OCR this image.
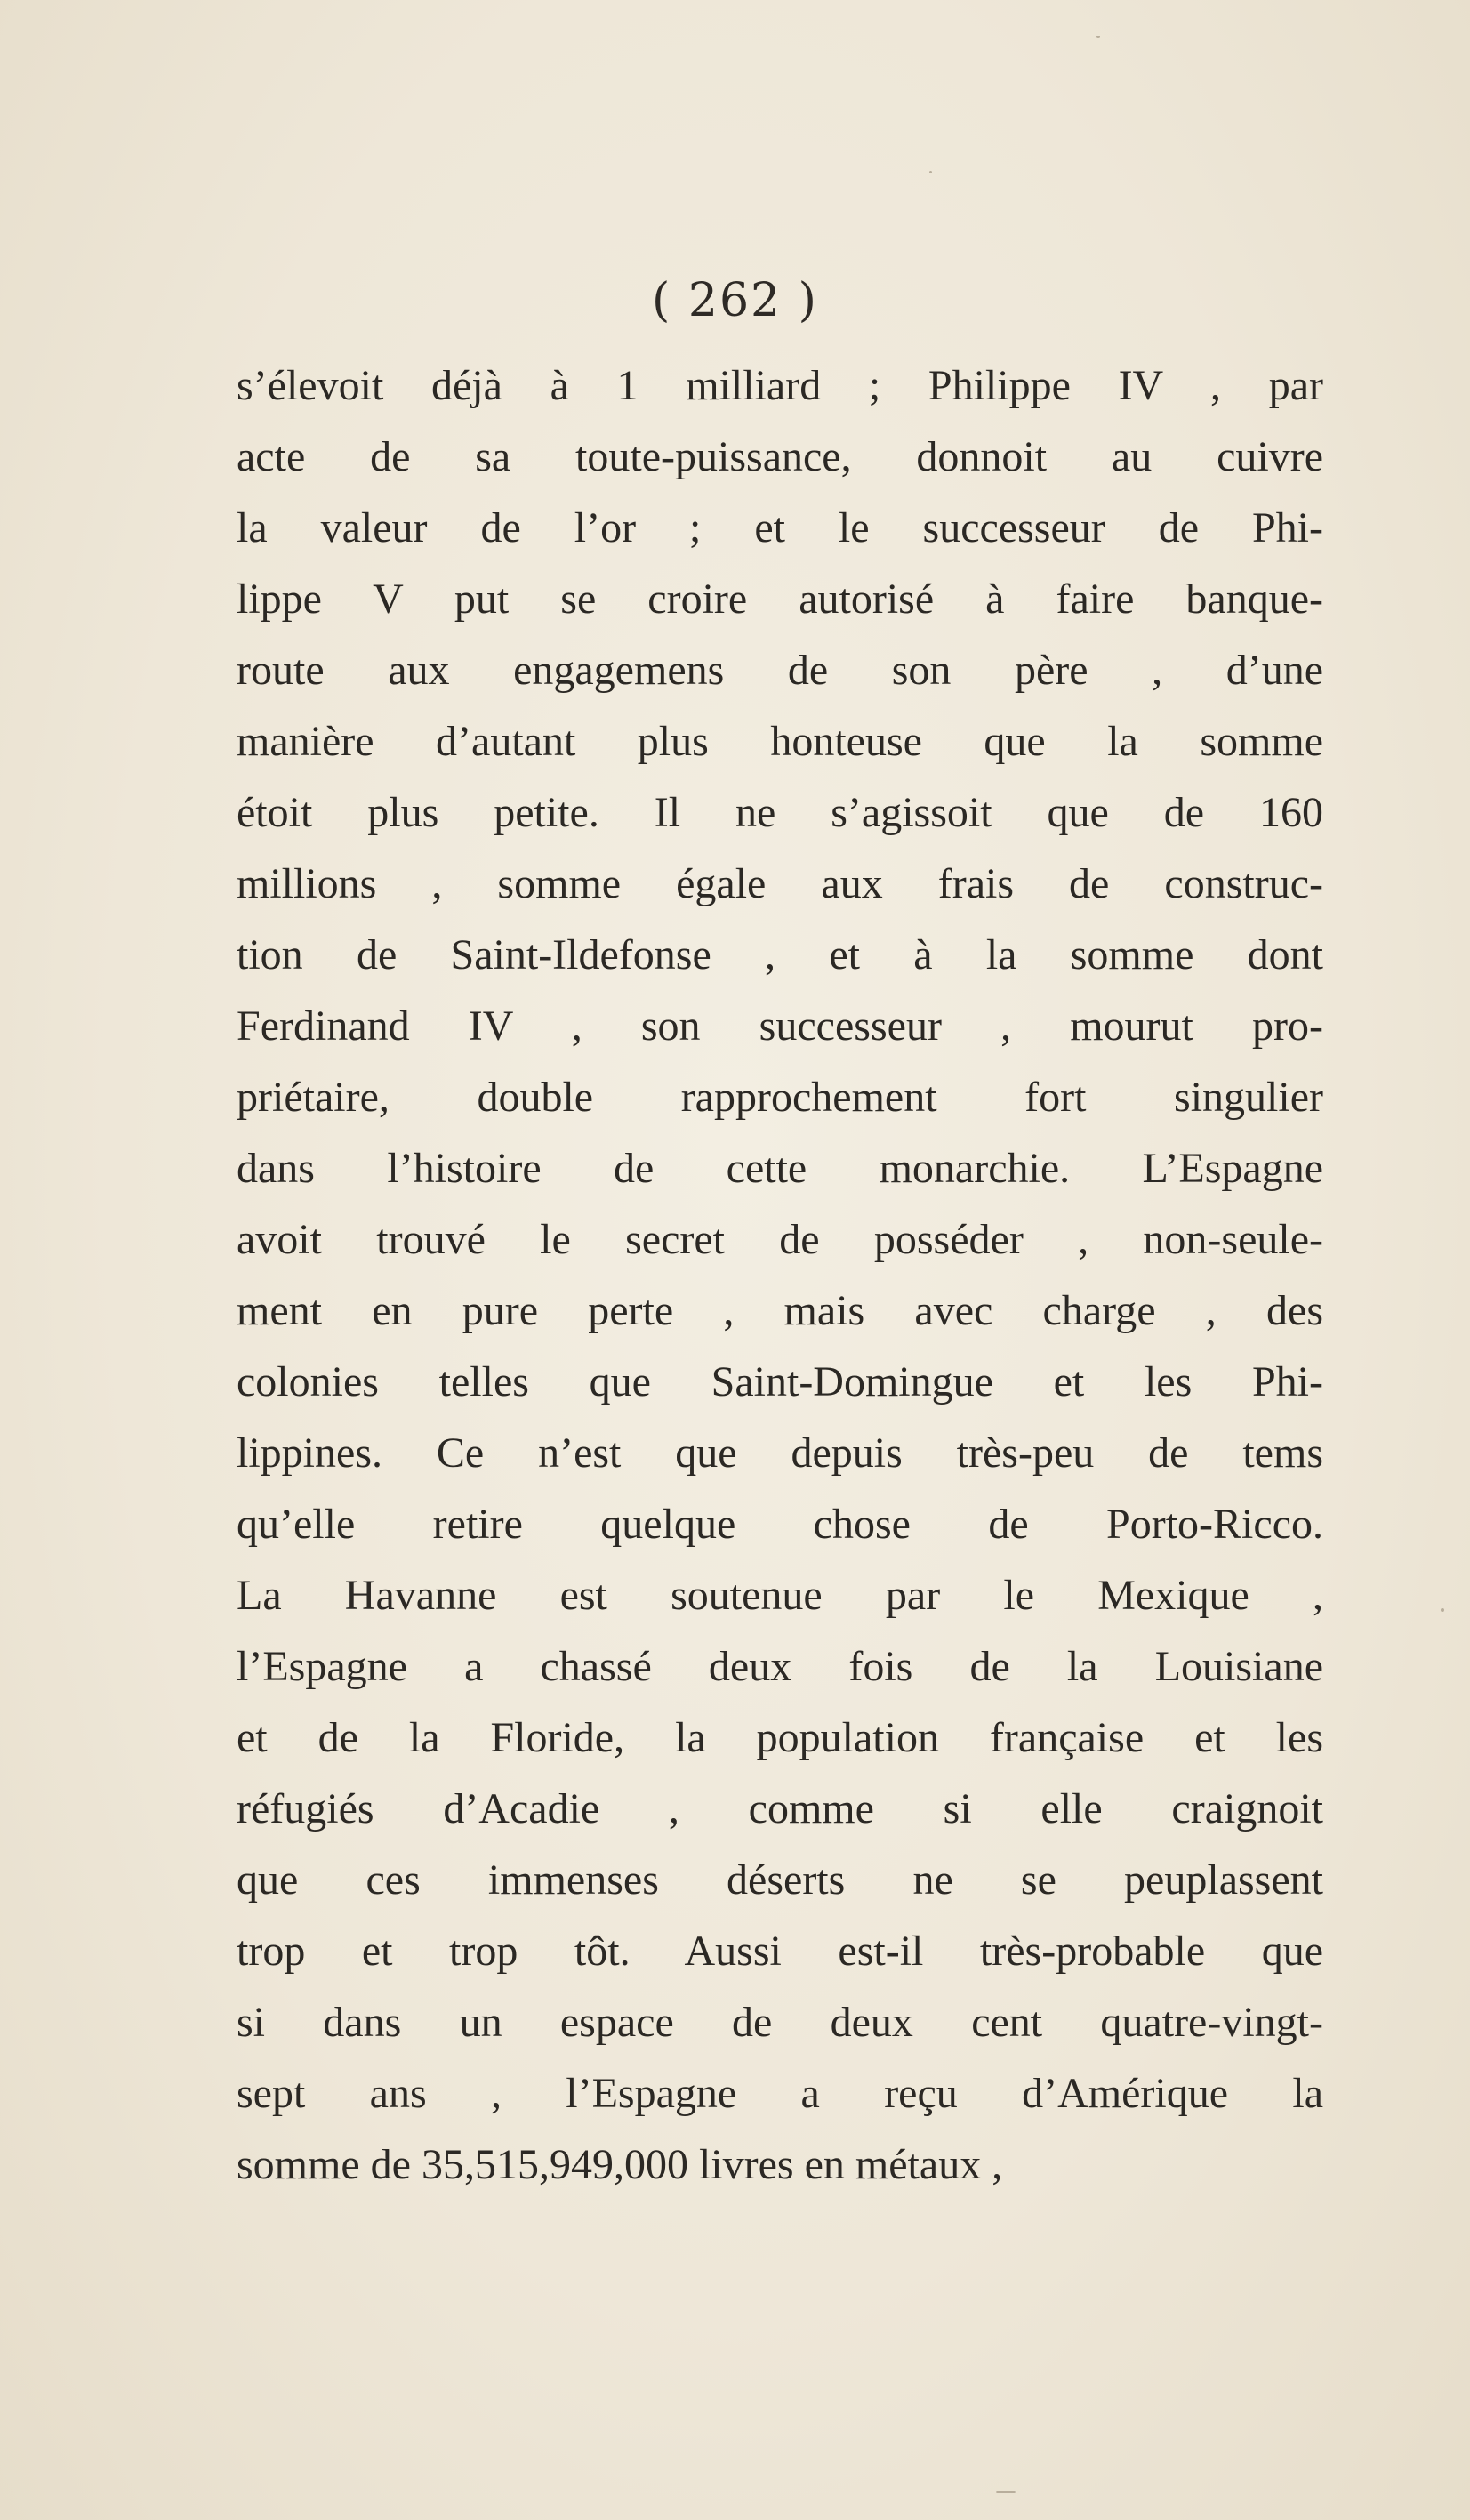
( 262 )
s’élevoit déjà à 1 milliard ; Philippe IV , par
acte de sa toute-puissance, donnoit au cuivre
la valeur de l’or ; et le successeur de Phi-
lippe V put se croire autorisé à faire banque-
route aux engagemens de son père , d’une
manière d’autant plus honteuse que la somme
étoit plus petite. Il ne s’agissoit que de 160
millions , somme égale aux frais de construc-
tion de Saint-Ildefonse , et à la somme dont
Ferdinand IV , son successeur , mourut pro-
priétaire, double rapprochement fort singulier
dans l’histoire de cette monarchie. L’Espagne
avoit trouvé le secret de posséder , non-seule-
ment en pure perte , mais avec charge , des
colonies telles que Saint-Domingue et les Phi-
lippines. Ce n’est que depuis très-peu de tems
qu’elle retire quelque chose de Porto-Ricco.
La Havanne est soutenue par le Mexique ,
l’Espagne a chassé deux fois de la Louisiane
et de la Floride, la population française et les
réfugiés d’Acadie , comme si elle craignoit
que ces immenses déserts ne se peuplassent
trop et trop tôt. Aussi est-il très-probable que
si dans un espace de deux cent quatre-vingt-
sept ans , l’Espagne a reçu d’Amérique la
somme de 35,515,949,000 livres en métaux ,
